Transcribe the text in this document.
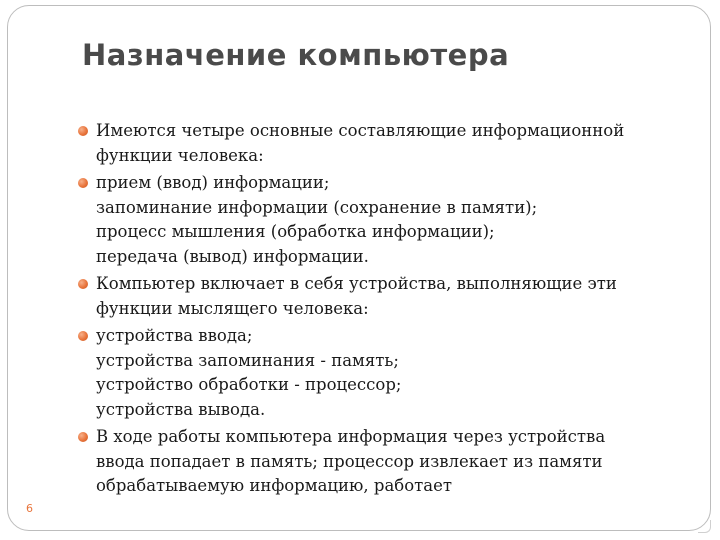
Назначение компьютера
Имеются четыре основные составляющие информационной
функции человека:
прием (ввод) информации;
запоминание информации (сохранение в памяти);
процесс мышления (обработка информации);
передача (вывод) информации.
Компьютер включает в себя устройства, выполняющие эти
функции мыслящего человека:
устройства ввода;
устройства запоминания - память;
устройство обработки - процессор;
устройства вывода.
В ходе работы компьютера информация через устройства
ввода попадает в память; процессор извлекает из памяти
обрабатываемую информацию, работает
6
